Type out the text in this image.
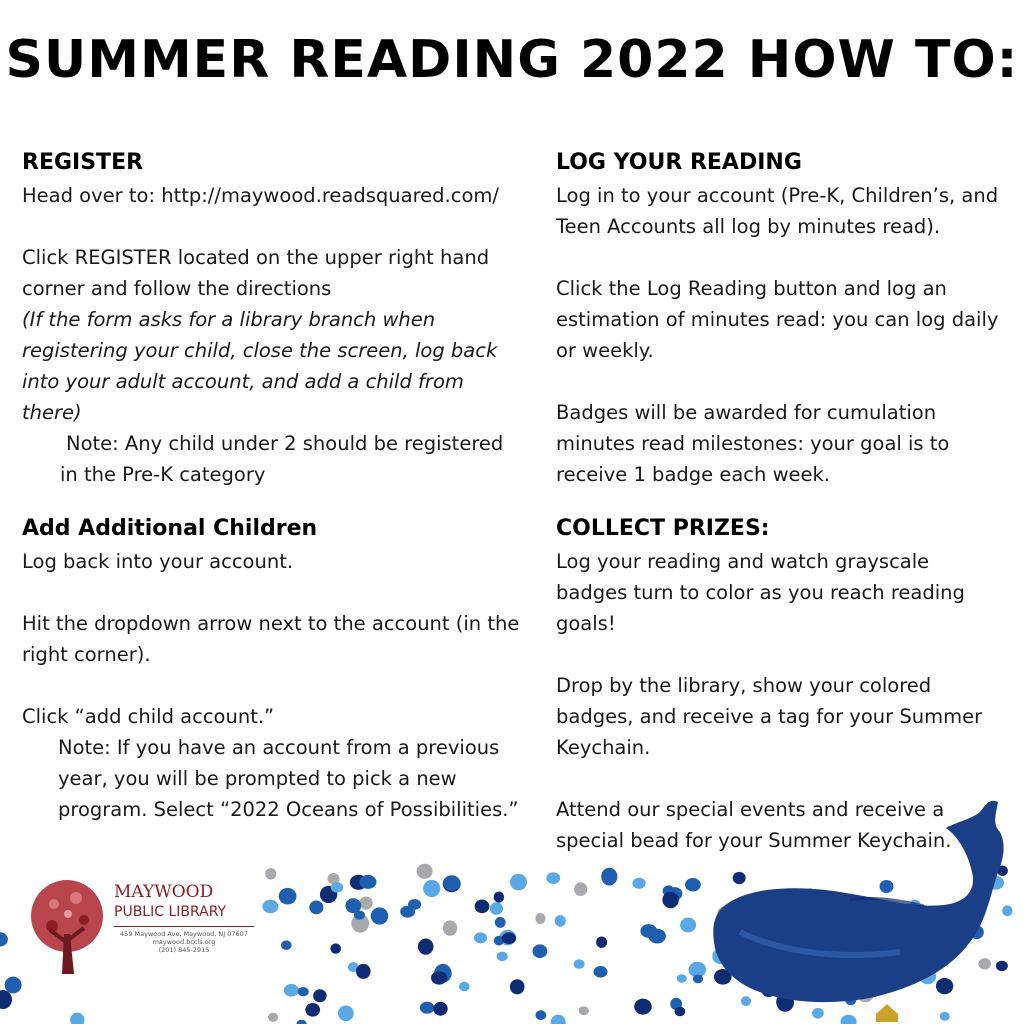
SUMMER READING 2022 HOW TO:

REGISTER

Head over to: http://maywood.readsquared.com/

Click REGISTER located on the upper right hand corner and follow the directions

(If the form asks for a library branch when registering your child, close the screen, log back into your adult account, and add a child from there)

Note: Any child under 2 should be registered
in the Pre-K category

Add Additional Children

Log back into your account.

Hit the dropdown arrow next to the account (in the right corner).

Click “add child account.”

Note: If you have an account from a previous year, you will be prompted to pick a new program. Select “2022 Oceans of Possibilities.”

LOG YOUR READING

Log in to your account (Pre-K, Children’s, and Teen Accounts all log by minutes read).

Click the Log Reading button and log an estimation of minutes read: you can log daily or weekly.

Badges will be awarded for cumulation minutes read milestones: your goal is to receive 1 badge each week.

COLLECT PRIZES:

Log your reading and watch grayscale badges turn to color as you reach reading goals!

Drop by the library, show your colored badges, and receive a tag for your Summer Keychain.

Attend our special events and receive a special bead for your Summer Keychain.

MAYWOOD
PUBLIC LIBRARY
459 Maywood Ave, Maywood, NJ 07607
maywood.bccls.org
(201) 845-2915
